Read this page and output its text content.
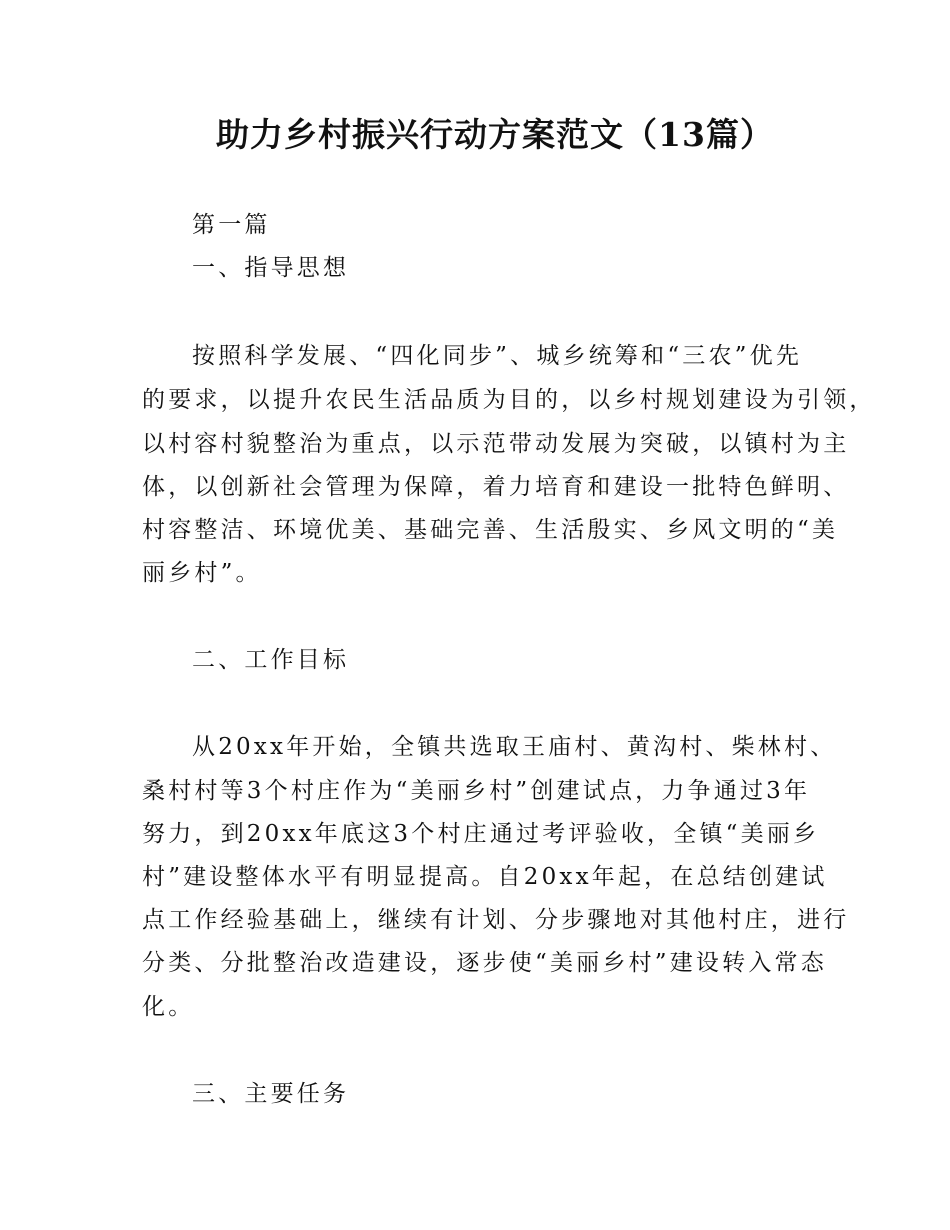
助力乡村振兴行动方案范文（13篇）

第一篇

一、指导思想

按照科学发展、“四化同步”、城乡统筹和“三农”优先

的要求，以提升农民生活品质为目的，以乡村规划建设为引领，

以村容村貌整治为重点，以示范带动发展为突破，以镇村为主

体，以创新社会管理为保障，着力培育和建设一批特色鲜明、

村容整洁、环境优美、基础完善、生活殷实、乡风文明的“美

丽乡村”。

二、工作目标

从20xx年开始，全镇共选取王庙村、黄沟村、柴林村、

桑村村等3个村庄作为“美丽乡村”创建试点，力争通过3年

努力，到20xx年底这3个村庄通过考评验收，全镇“美丽乡

村”建设整体水平有明显提高。自20xx年起，在总结创建试

点工作经验基础上，继续有计划、分步骤地对其他村庄，进行

分类、分批整治改造建设，逐步使“美丽乡村”建设转入常态

化。

三、主要任务
